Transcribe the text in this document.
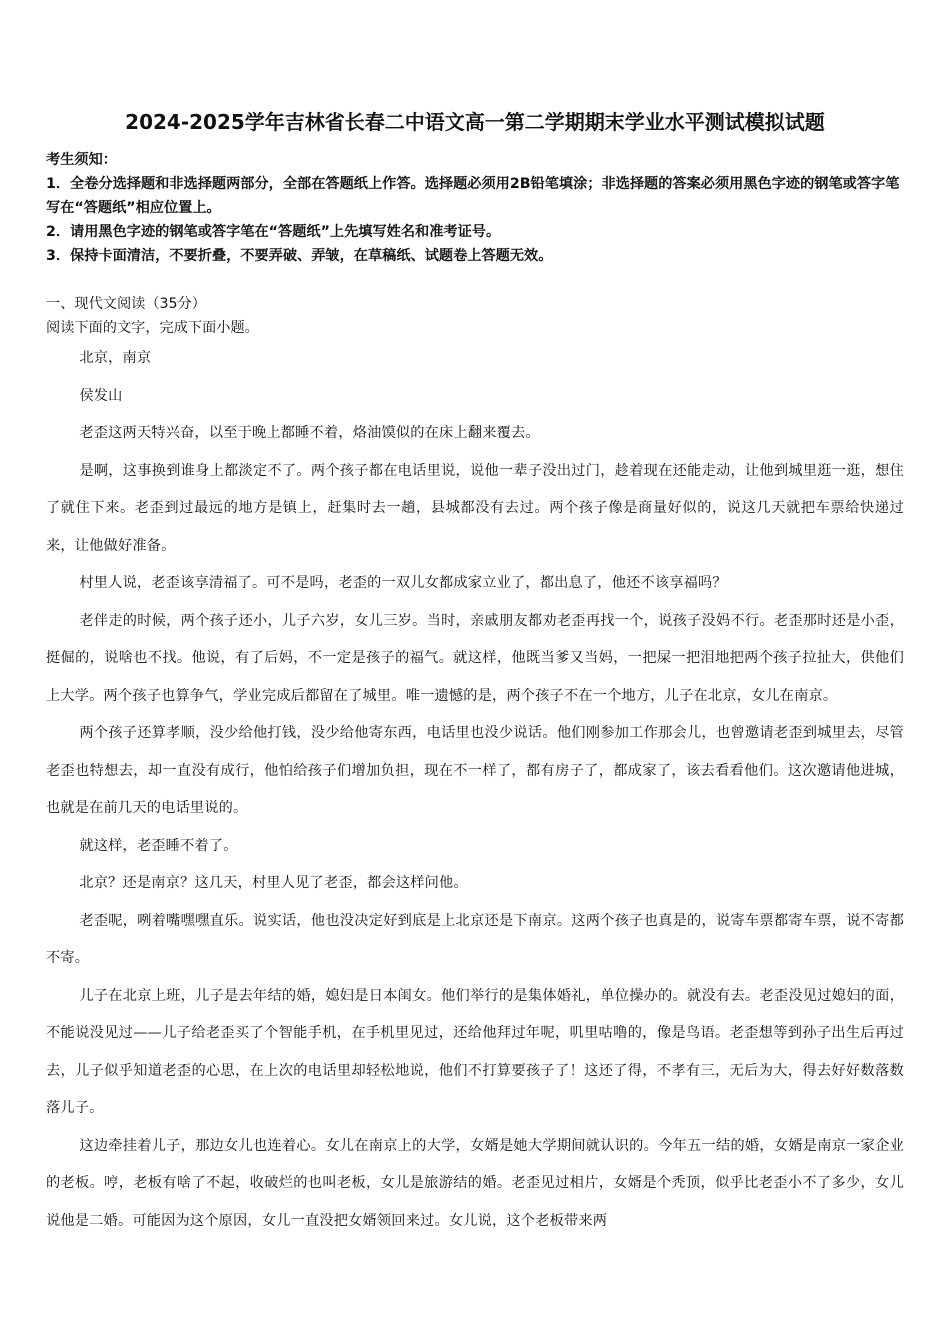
2024-2025学年吉林省长春二中语文高一第二学期期末学业水平测试模拟试题

考生须知：

1．全卷分选择题和非选择题两部分，全部在答题纸上作答。选择题必须用2B铅笔填涂；非选择题的答案必须用黑色字迹的钢笔或答字笔写在“答题纸”相应位置上。

2．请用黑色字迹的钢笔或答字笔在“答题纸”上先填写姓名和准考证号。

3．保持卡面清洁，不要折叠，不要弄破、弄皱，在草稿纸、试题卷上答题无效。

一、现代文阅读（35分）

阅读下面的文字，完成下面小题。

北京，南京

侯发山

老歪这两天特兴奋，以至于晚上都睡不着，烙油馍似的在床上翻来覆去。

是啊，这事换到谁身上都淡定不了。两个孩子都在电话里说，说他一辈子没出过门，趁着现在还能走动，让他到城里逛一逛，想住了就住下来。老歪到过最远的地方是镇上，赶集时去一趟，县城都没有去过。两个孩子像是商量好似的，说这几天就把车票给快递过来，让他做好准备。

村里人说，老歪该享清福了。可不是吗，老歪的一双儿女都成家立业了，都出息了，他还不该享福吗？

老伴走的时候，两个孩子还小，儿子六岁，女儿三岁。当时，亲戚朋友都劝老歪再找一个，说孩子没妈不行。老歪那时还是小歪，挺倔的，说啥也不找。他说，有了后妈，不一定是孩子的福气。就这样，他既当爹又当妈，一把屎一把泪地把两个孩子拉扯大，供他们上大学。两个孩子也算争气，学业完成后都留在了城里。唯一遗憾的是，两个孩子不在一个地方，儿子在北京，女儿在南京。

两个孩子还算孝顺，没少给他打钱，没少给他寄东西，电话里也没少说话。他们刚参加工作那会儿，也曾邀请老歪到城里去，尽管老歪也特想去，却一直没有成行，他怕给孩子们增加负担，现在不一样了，都有房子了，都成家了，该去看看他们。这次邀请他进城，也就是在前几天的电话里说的。

就这样，老歪睡不着了。

北京？还是南京？这几天，村里人见了老歪，都会这样问他。

老歪呢，咧着嘴嘿嘿直乐。说实话，他也没决定好到底是上北京还是下南京。这两个孩子也真是的，说寄车票都寄车票，说不寄都不寄。

儿子在北京上班，儿子是去年结的婚，媳妇是日本闺女。他们举行的是集体婚礼，单位操办的。就没有去。老歪没见过媳妇的面，不能说没见过——儿子给老歪买了个智能手机，在手机里见过，还给他拜过年呢，叽里咕噜的，像是鸟语。老歪想等到孙子出生后再过去，儿子似乎知道老歪的心思，在上次的电话里却轻松地说，他们不打算要孩子了！这还了得，不孝有三，无后为大，得去好好数落数落儿子。

这边牵挂着儿子，那边女儿也连着心。女儿在南京上的大学，女婿是她大学期间就认识的。今年五一结的婚，女婿是南京一家企业的老板。哼，老板有啥了不起，收破烂的也叫老板，女儿是旅游结的婚。老歪见过相片，女婿是个秃顶，似乎比老歪小不了多少，女儿说他是二婚。可能因为这个原因，女儿一直没把女婿领回来过。女儿说，这个老板带来两
